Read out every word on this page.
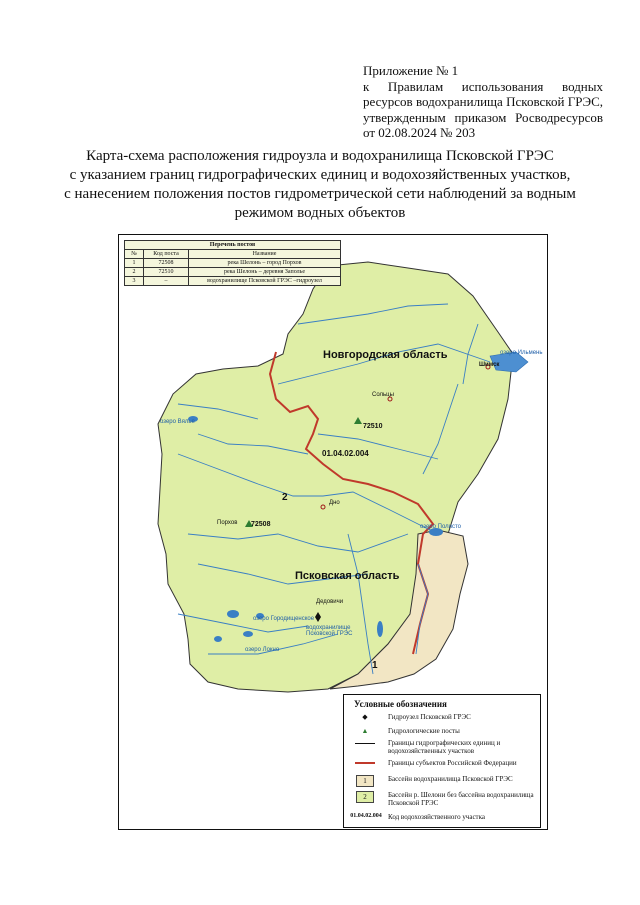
Приложение № 1
к Правилам использования водных
ресурсов водохранилища Псковской ГРЭС,
утвержденным приказом Росводресурсов
от 02.08.2024 № 203
Карта-схема расположения гидроузла и водохранилища Псковской ГРЭС
с указанием границ гидрографических единиц и водохозяйственных участков,
с нанесением положения постов гидрометрической сети наблюдений за водным
режимом водных объектов
Перечень постов		
№	Код поста	Название
1	72508	река Шелонь – город Порхов
2	72510	река Шелонь – деревня Заполье
3	–	водохранилище Псковской ГРЭС –гидроузел
Новгородская область
Псковская область
озеро Ильмень
Шимск
Сольцы
Дно
Порхов
Дедовичи
72510
72508
01.04.02.004
водохранилище Псковской ГРЭС
озеро Полисто
озеро Вялье
озеро Локно
озеро Городищенское
1
2
Условные обозначения
◆	Гидроузел Псковской ГРЭС
▲	Гидрологические посты
Границы гидрографических единиц и водохозяйственных участков
Границы субъектов Российской Федерации
1	Бассейн водохранилища Псковской ГРЭС
2	Бассейн р. Шелони без бассейна водохранилища Псковской ГРЭС
01.04.02.004 Код водохозяйственного участка
